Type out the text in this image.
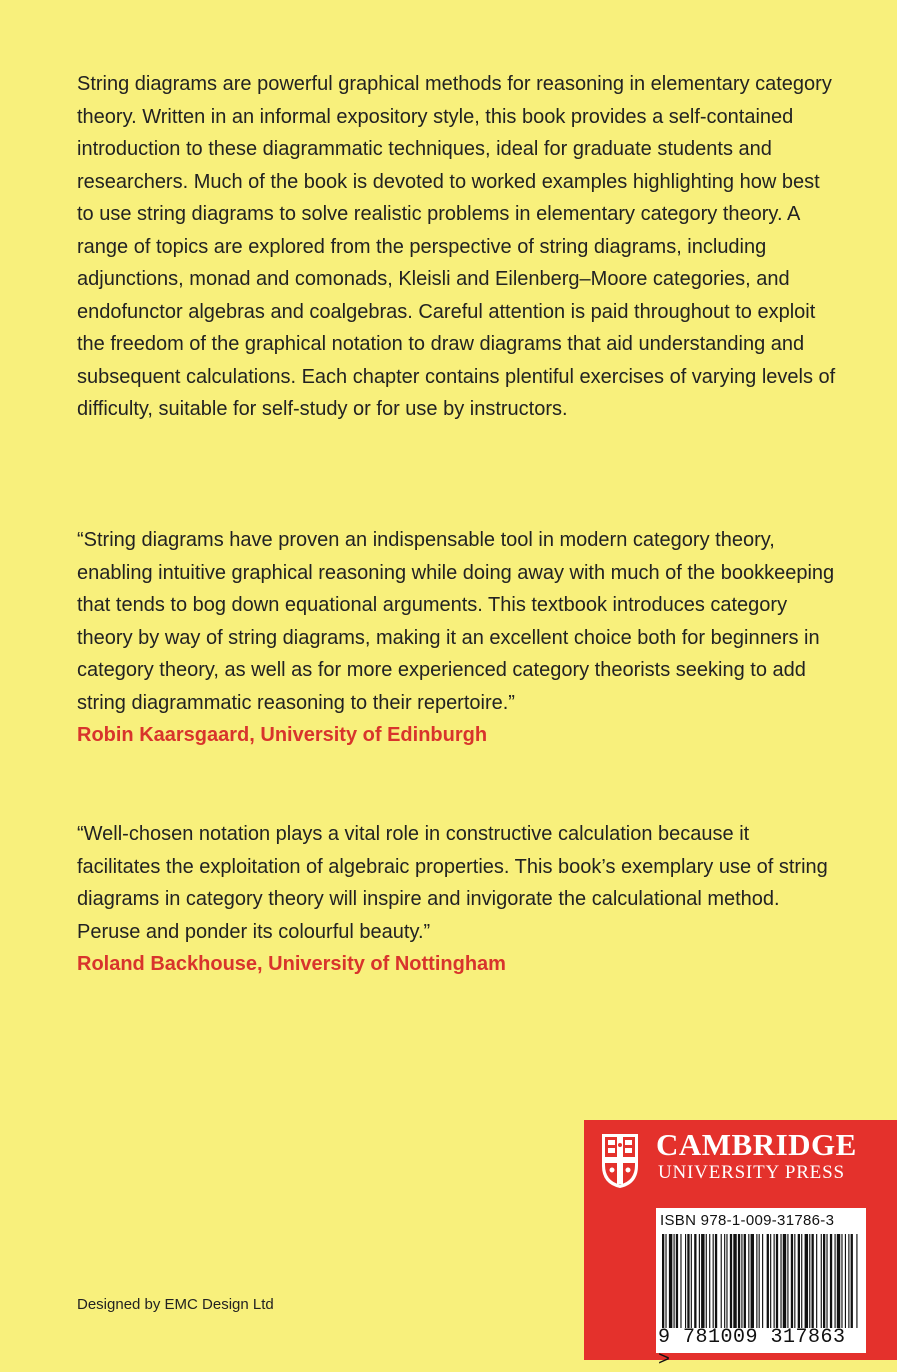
String diagrams are powerful graphical methods for reasoning in elementary category theory. Written in an informal expository style, this book provides a self-contained introduction to these diagrammatic techniques, ideal for graduate students and researchers. Much of the book is devoted to worked examples highlighting how best to use string diagrams to solve realistic problems in elementary category theory. A range of topics are explored from the perspective of string diagrams, including adjunctions, monad and comonads, Kleisli and Eilenberg–Moore categories, and endofunctor algebras and coalgebras. Careful attention is paid throughout to exploit the freedom of the graphical notation to draw diagrams that aid understanding and subsequent calculations. Each chapter contains plentiful exercises of varying levels of difficulty, suitable for self-study or for use by instructors.

“String diagrams have proven an indispensable tool in modern category theory, enabling intuitive graphical reasoning while doing away with much of the bookkeeping that tends to bog down equational arguments. This textbook introduces category theory by way of string diagrams, making it an excellent choice both for beginners in category theory, as well as for more experienced category theorists seeking to add string diagrammatic reasoning to their repertoire.”
Robin Kaarsgaard, University of Edinburgh

“Well-chosen notation plays a vital role in constructive calculation because it facilitates the exploitation of algebraic properties. This book’s exemplary use of string diagrams in category theory will inspire and invigorate the calculational method. Peruse and ponder its colourful beauty.”
Roland Backhouse, University of Nottingham

Designed by EMC Design Ltd

CAMBRIDGE
UNIVERSITY PRESS
ISBN 978-1-009-31786-3
9 781009 317863 >
